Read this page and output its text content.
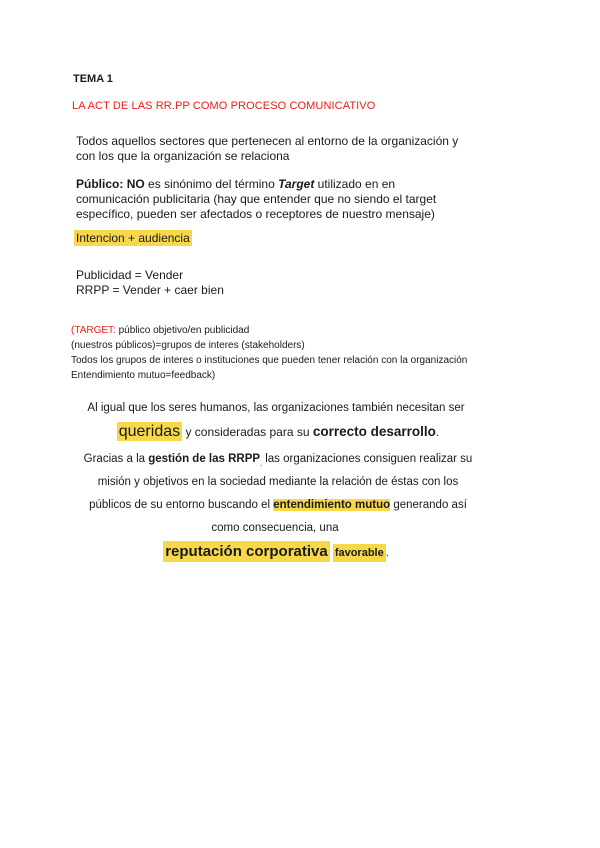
TEMA 1
LA ACT DE LAS RR.PP COMO PROCESO COMUNICATIVO
Todos aquellos sectores que pertenecen al entorno de la organización y
con los que la organización se relaciona
Público: NO es sinónimo del término Target utilizado en en
comunicación publicitaria (hay que entender que no siendo el target
específico, pueden ser afectados o receptores de nuestro mensaje)
Intencion + audiencia
Publicidad = Vender
RRPP = Vender + caer bien
(TARGET: público objetivo/en publicidad
(nuestros públicos)=grupos de interes (stakeholders)
Todos los grupos de interes o instituciones que pueden tener relación con la organización
Entendimiento mutuo=feedback)
Al igual que los seres humanos, las organizaciones también necesitan ser
queridas y consideradas para su correcto desarrollo.
Gracias a la gestión de las $RRPP_,$ las organizaciones consiguen realizar su
misión y objetivos en la sociedad mediante la relación de éstas con los
públicos de su entorno buscando el entendimiento mutuo generando así
como consecuencia, una
reputación corporativa favorable .
